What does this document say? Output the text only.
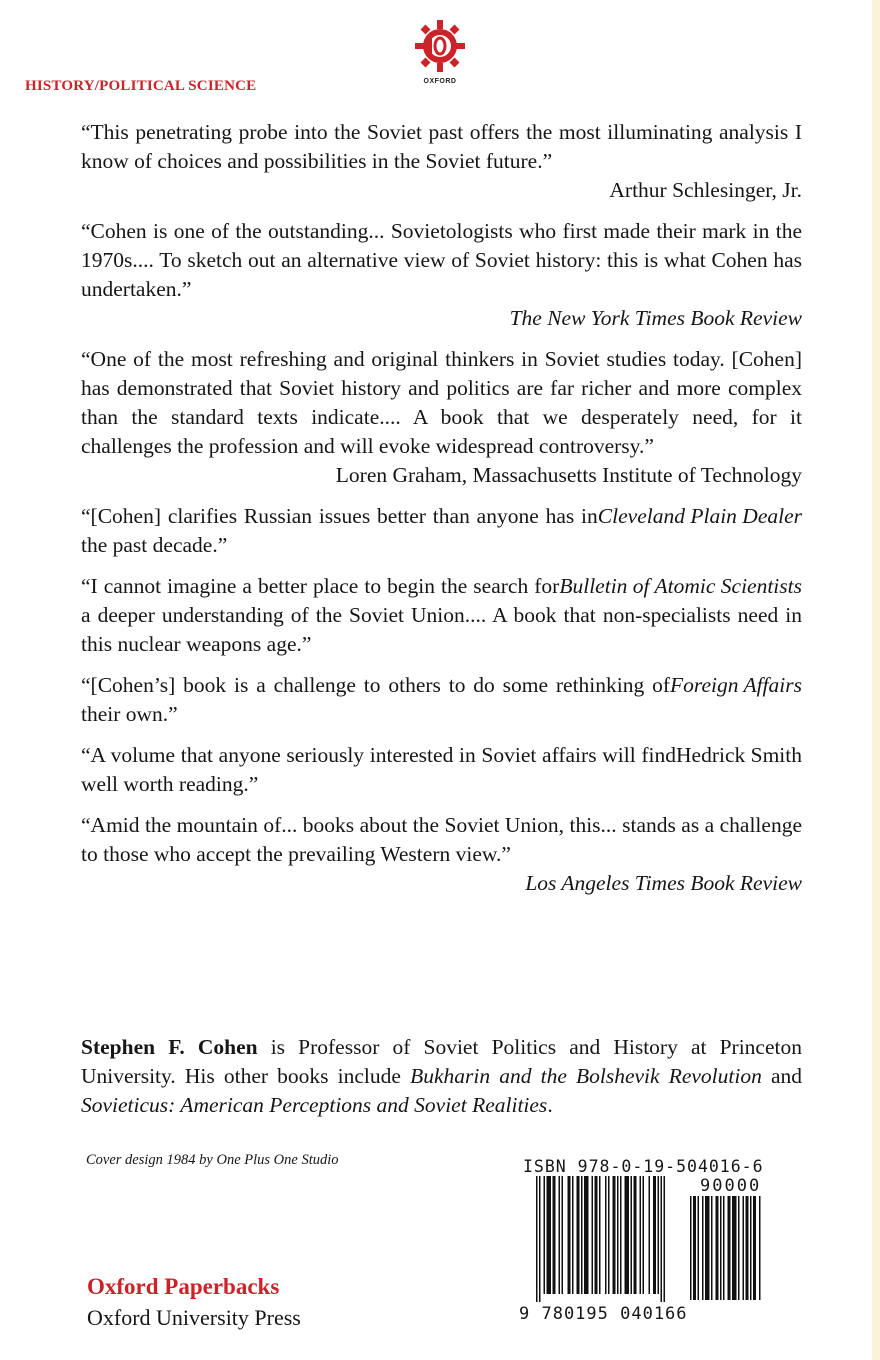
OXFORD
HISTORY/POLITICAL SCIENCE
“This penetrating probe into the Soviet past offers the most illuminating analysis I know of choices and possibilities in the Soviet future.”
Arthur Schlesinger, Jr.
“Cohen is one of the outstanding... Sovietologists who first made their mark in the 1970s.... To sketch out an alternative view of Soviet history: this is what Cohen has undertaken.”
The New York Times Book Review
“One of the most refreshing and original thinkers in Soviet studies today. [Cohen] has demonstrated that Soviet history and politics are far richer and more complex than the standard texts indicate.... A book that we desperately need, for it challenges the profession and will evoke widespread controversy.”
Loren Graham, Massachusetts Institute of Technology
Cleveland Plain Dealer
“[Cohen] clarifies Russian issues better than anyone has in the past decade.”
Bulletin of Atomic Scientists
“I cannot imagine a better place to begin the search for a deeper understanding of the Soviet Union.... A book that non-specialists need in this nuclear weapons age.”
Foreign Affairs
“[Cohen’s] book is a challenge to others to do some rethinking of their own.”
Hedrick Smith
“A volume that anyone seriously interested in Soviet affairs will find well worth reading.”
“Amid the mountain of... books about the Soviet Union, this... stands as a challenge to those who accept the prevailing Western view.”
Los Angeles Times Book Review
Stephen F. Cohen is Professor of Soviet Politics and History at Princeton University. His other books include Bukharin and the Bolshevik Revolution and Sovieticus: American Perceptions and Soviet Realities.
Cover design 1984 by One Plus One Studio
Oxford Paperbacks
Oxford University Press
ISBN 978-0-19-504016-6
90000
9 780195 040166
